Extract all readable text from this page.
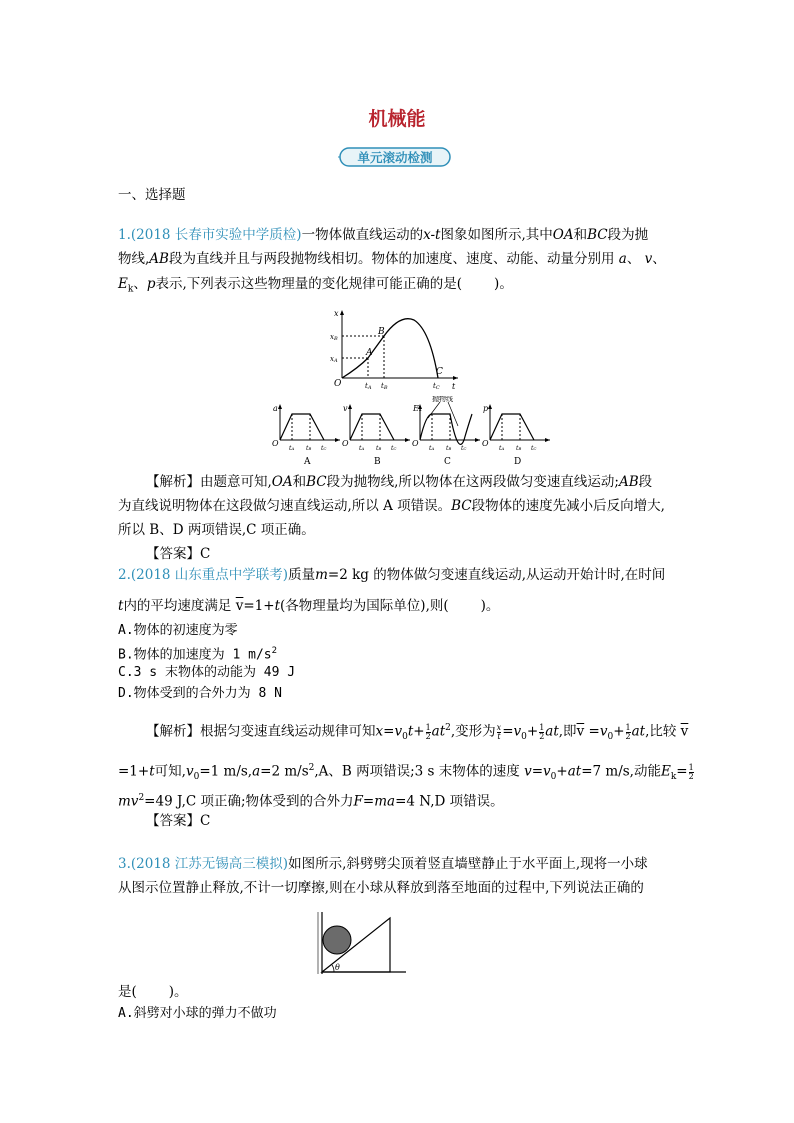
机械能
单元滚动检测
一、选择题
1.(2018 长春市实验中学质检)一物体做直线运动的x-t图象如图所示,其中OA和BC段为抛
物线,AB段为直线并且与两段抛物线相切。物体的加速度、速度、动能、动量分别用 a、 v、
$E_k$、p表示,下列表示这些物理量的变化规律可能正确的是( )。
x
t
O
A
B
C
xB
xA
tA tB	tC
a
O
tA tB tC
A
v
O
tA tB tC
B
Ek
抛物线
O
tA tB tC
C
p
O
tA tB tC
D
【解析】由题意可知,OA和BC段为抛物线,所以物体在这两段做匀变速直线运动;AB段
为直线说明物体在这段做匀速直线运动,所以 A 项错误。BC段物体的速度先减小后反向增大,
所以 B、D 两项错误,C 项正确。
【答案】C
2.(2018 山东重点中学联考)质量m=2 kg 的物体做匀变速直线运动,从运动开始计时,在时间
t内的平均速度满足 $\overline{v}=1+t$(各物理量均为国际单位),则( )。
A.物体的初速度为零
B.物体的加速度为 1 $m/s^2$
C.3 s 末物体的动能为 49 J
D.物体受到的合外力为 8 N
【解析】根据匀变速直线运动规律可知$x=v_0t+ \frac{1}{2} at^2$,变形为 $\frac{x}{t} =v_0+ \frac{1}{2}$ at,即$\overline{v} =v_0+ \frac{1}{2}$ at,比较 $\overline{v}$
=1+t可知$,v_0=1$ m/s,a=2 $m/s^2,A$、B 两项错误;3 s 末物体的速度 $v=v_0+at=7$ m/s,动能$E_k= \frac{1}{2}$
$mv^2=49$ J,C 项正确;物体受到的合外力F=ma=4 N,D 项错误。
【答案】C
3.(2018 江苏无锡高三模拟)如图所示,斜劈劈尖顶着竖直墙壁静止于水平面上,现将一小球
从图示位置静止释放,不计一切摩擦,则在小球从释放到落至地面的过程中,下列说法正确的
θ
是( )。
A.斜劈对小球的弹力不做功
